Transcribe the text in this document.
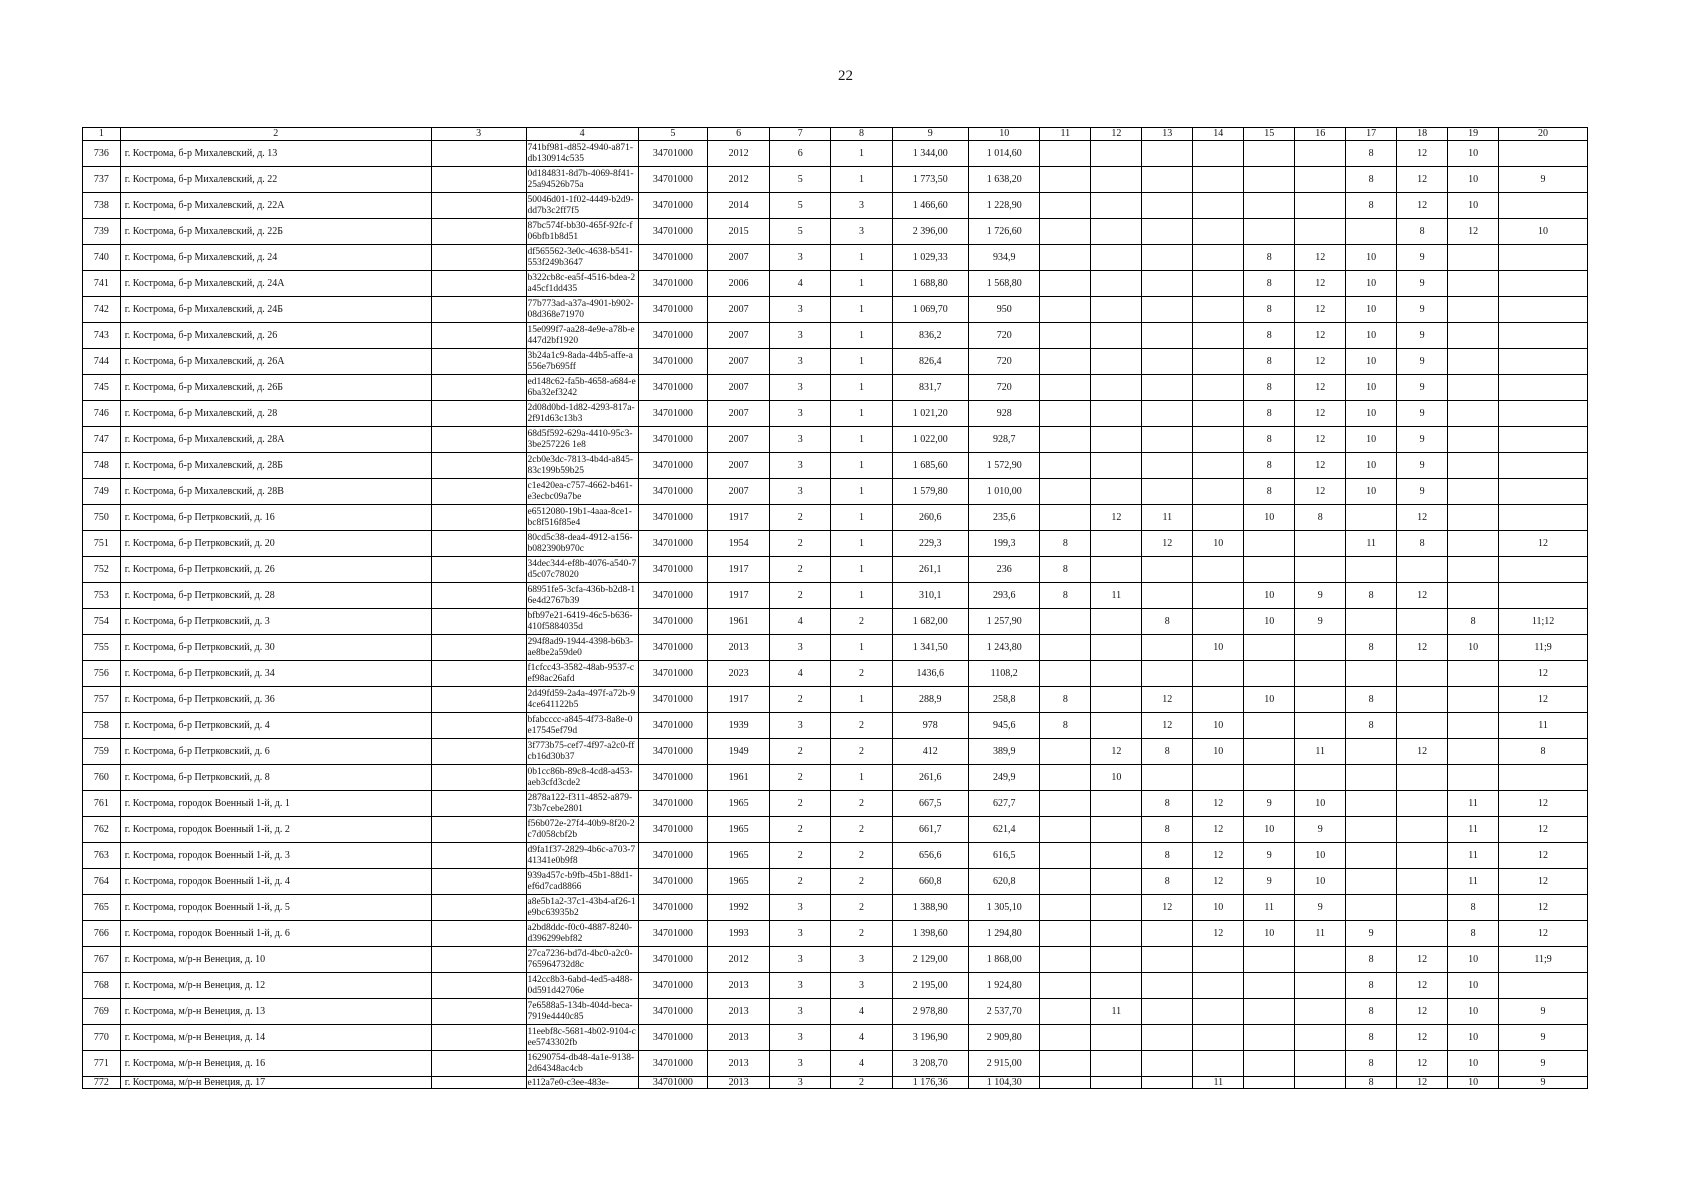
22
1	2	3	4	5	6	7	8	9	10	11	12	13	14	15	16	17	18	19	20
736	г. Кострома, б-р Михалевский, д. 13		741bf981-d852-4940-a871-db130914c535	34701000	2012	6	1	1 344,00	1 014,60							8	12	10	
737	г. Кострома, б-р Михалевский, д. 22		0d184831-8d7b-4069-8f41-25a94526b75a	34701000	2012	5	1	1 773,50	1 638,20							8	12	10	9
738	г. Кострома, б-р Михалевский, д. 22А		50046d01-1f02-4449-b2d9-dd7b3c2ff7f5	34701000	2014	5	3	1 466,60	1 228,90							8	12	10	
739	г. Кострома, б-р Михалевский, д. 22Б		87bc574f-bb30-465f-92fc-f06bfb1b8d51	34701000	2015	5	3	2 396,00	1 726,60								8	12	10
740	г. Кострома, б-р Михалевский, д. 24		df565562-3e0c-4638-b541-553f249b3647	34701000	2007	3	1	1 029,33	934,9					8	12	10	9		
741	г. Кострома, б-р Михалевский, д. 24А		b322cb8c-ea5f-4516-bdea-2a45cf1dd435	34701000	2006	4	1	1 688,80	1 568,80					8	12	10	9		
742	г. Кострома, б-р Михалевский, д. 24Б		77b773ad-a37a-4901-b902-08d368e71970	34701000	2007	3	1	1 069,70	950					8	12	10	9		
743	г. Кострома, б-р Михалевский, д. 26		15e099f7-aa28-4e9e-a78b-e447d2bf1920	34701000	2007	3	1	836,2	720					8	12	10	9		
744	г. Кострома, б-р Михалевский, д. 26А		3b24a1c9-8ada-44b5-affe-a556e7b695ff	34701000	2007	3	1	826,4	720					8	12	10	9		
745	г. Кострома, б-р Михалевский, д. 26Б		ed148c62-fa5b-4658-a684-e6ba32ef3242	34701000	2007	3	1	831,7	720					8	12	10	9		
746	г. Кострома, б-р Михалевский, д. 28		2d08d0bd-1d82-4293-817a-2f91d63c13b3	34701000	2007	3	1	1 021,20	928					8	12	10	9		
747	г. Кострома, б-р Михалевский, д. 28А		68d5f592-629a-4410-95c3-3be257226 1e8	34701000	2007	3	1	1 022,00	928,7					8	12	10	9		
748	г. Кострома, б-р Михалевский, д. 28Б		2cb0e3dc-7813-4b4d-a845-83c199b59b25	34701000	2007	3	1	1 685,60	1 572,90					8	12	10	9		
749	г. Кострома, б-р Михалевский, д. 28В		c1e420ea-c757-4662-b461-e3ecbc09a7be	34701000	2007	3	1	1 579,80	1 010,00					8	12	10	9		
750	г. Кострома, б-р Петрковский, д. 16		e6512080-19b1-4aaa-8ce1-bc8f516f85e4	34701000	1917	2	1	260,6	235,6		12	11		10	8		12		
751	г. Кострома, б-р Петрковский, д. 20		80cd5c38-dea4-4912-a156-b082390b970c	34701000	1954	2	1	229,3	199,3	8		12	10			11	8		12
752	г. Кострома, б-р Петрковский, д. 26		34dec344-ef8b-4076-a540-7d5c07c78020	34701000	1917	2	1	261,1	236	8									
753	г. Кострома, б-р Петрковский, д. 28		68951fe5-3cfa-436b-b2d8-16e4d2767b39	34701000	1917	2	1	310,1	293,6	8	11			10	9	8	12		
754	г. Кострома, б-р Петрковский, д. 3		bfb97e21-6419-46c5-b636-410f5884035d	34701000	1961	4	2	1 682,00	1 257,90			8		10	9			8	11;12
755	г. Кострома, б-р Петрковский, д. 30		294f8ad9-1944-4398-b6b3-ae8be2a59de0	34701000	2013	3	1	1 341,50	1 243,80				10			8	12	10	11;9
756	г. Кострома, б-р Петрковский, д. 34		f1cfcc43-3582-48ab-9537-cef98ac26afd	34701000	2023	4	2	1436,6	1108,2										12
757	г. Кострома, б-р Петрковский, д. 36		2d49fd59-2a4a-497f-a72b-94ce641122b5	34701000	1917	2	1	288,9	258,8	8		12		10		8			12
758	г. Кострома, б-р Петрковский, д. 4		bfabcccc-a845-4f73-8a8e-0e17545ef79d	34701000	1939	3	2	978	945,6	8		12	10			8			11
759	г. Кострома, б-р Петрковский, д. 6		3f773b75-cef7-4f97-a2c0-ffcb16d30b37	34701000	1949	2	2	412	389,9		12	8	10		11		12		8
760	г. Кострома, б-р Петрковский, д. 8		0b1cc86b-89c8-4cd8-a453-aeb3cfd3cde2	34701000	1961	2	1	261,6	249,9		10								
761	г. Кострома, городок Военный 1-й, д. 1		2878a122-f311-4852-a879-73b7cebe2801	34701000	1965	2	2	667,5	627,7			8	12	9	10			11	12
762	г. Кострома, городок Военный 1-й, д. 2		f56b072e-27f4-40b9-8f20-2c7d058cbf2b	34701000	1965	2	2	661,7	621,4			8	12	10	9			11	12
763	г. Кострома, городок Военный 1-й, д. 3		d9fa1f37-2829-4b6c-a703-741341e0b9f8	34701000	1965	2	2	656,6	616,5			8	12	9	10			11	12
764	г. Кострома, городок Военный 1-й, д. 4		939a457c-b9fb-45b1-88d1-ef6d7cad8866	34701000	1965	2	2	660,8	620,8			8	12	9	10			11	12
765	г. Кострома, городок Военный 1-й, д. 5		a8e5b1a2-37c1-43b4-af26-1e9bc63935b2	34701000	1992	3	2	1 388,90	1 305,10			12	10	11	9			8	12
766	г. Кострома, городок Военный 1-й, д. 6		a2bd8ddc-f0c0-4887-8240-d396299ebf82	34701000	1993	3	2	1 398,60	1 294,80				12	10	11	9		8	12
767	г. Кострома, м/р-н Венеция, д. 10		27ca7236-bd7d-4bc0-a2c0-765964732d8c	34701000	2012	3	3	2 129,00	1 868,00							8	12	10	11;9
768	г. Кострома, м/р-н Венеция, д. 12		142cc8b3-6abd-4ed5-a488-0d591d42706e	34701000	2013	3	3	2 195,00	1 924,80							8	12	10	
769	г. Кострома, м/р-н Венеция, д. 13		7e6588a5-134b-404d-beca-7919e4440c85	34701000	2013	3	4	2 978,80	2 537,70		11					8	12	10	9
770	г. Кострома, м/р-н Венеция, д. 14		11eebf8c-5681-4b02-9104-cee5743302fb	34701000	2013	3	4	3 196,90	2 909,80							8	12	10	9
771	г. Кострома, м/р-н Венеция, д. 16		16290754-db48-4a1e-9138-2d64348ac4cb	34701000	2013	3	4	3 208,70	2 915,00							8	12	10	9
772	г. Кострома, м/р-н Венеция, д. 17		e112a7e0-c3ee-483e-	34701000	2013	3	2	1 176,36	1 104,30				11			8	12	10	9
